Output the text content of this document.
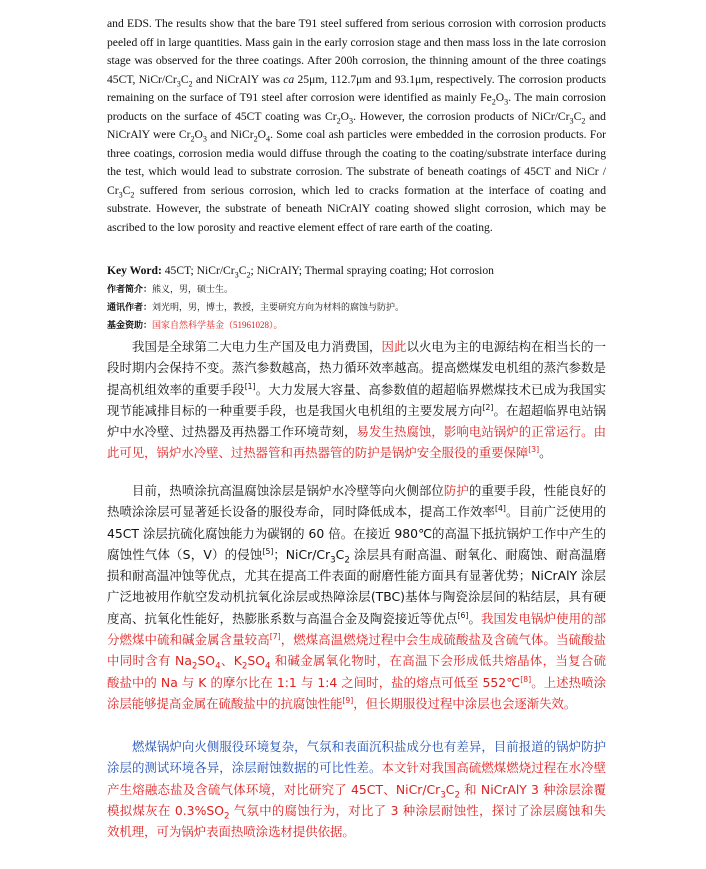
and EDS. The results show that the bare T91 steel suffered from serious corrosion with corrosion products peeled off in large quantities. Mass gain in the early corrosion stage and then mass loss in the late corrosion stage was observed for the three coatings. After 200h corrosion, the thinning amount of the three coatings 45CT, NiCr/$Cr_3C_2$ and NiCrAlY was ca 25μm, 112.7μm and 93.1μm, respectively. The corrosion products remaining on the surface of T91 steel after corrosion were identified as mainly $Fe_2O_3$. The main corrosion products on the surface of 45CT coating was $Cr_2O_3$. However, the corrosion products of NiCr/$Cr_3C_2$ and NiCrAlY were $Cr_2O_3$ and $NiCr_2O_4$. Some coal ash particles were embedded in the corrosion products. For three coatings, corrosion media would diffuse through the coating to the coating/substrate interface during the test, which would lead to substrate corrosion. The substrate of beneath coatings of 45CT and NiCr / $Cr_3C_2$ suffered from serious corrosion, which led to cracks formation at the interface of coating and substrate. However, the substrate of beneath NiCrAlY coating showed slight corrosion, which may be ascribed to the low porosity and reactive element effect of rare earth of the coating.

Key Word: 45CT; NiCr/$Cr_3C_2$; NiCrAlY; Thermal spraying coating; Hot corrosion
作者简介：熊义，男，硕士生。
通讯作者：刘光明，男，博士，教授，主要研究方向为材料的腐蚀与防护。
基金资助：国家自然科学基金（51961028）。

我国是全球第二大电力生产国及电力消费国，因此以火电为主的电源结构在相当长的一段时期内会保持不变。蒸汽参数越高，热力循环效率越高。提高燃煤发电机组的蒸汽参数是提高机组效率的重要手段[1]。大力发展大容量、高参数值的超超临界燃煤技术已成为我国实现节能减排目标的一种重要手段，也是我国火电机组的主要发展方向[2]。在超超临界电站锅炉中水冷壁、过热器及再热器工作环境苛刻，易发生热腐蚀，影响电站锅炉的正常运行。由此可见，锅炉水冷壁、过热器管和再热器管的防护是锅炉安全服役的重要保障[3]。

目前，热喷涂抗高温腐蚀涂层是锅炉水冷壁等向火侧部位防护的重要手段，性能良好的热喷涂涂层可显著延长设备的服役寿命，同时降低成本，提高工作效率[4]。目前广泛使用的 45CT 涂层抗硫化腐蚀能力为碳钢的 60 倍。在接近 980℃的高温下抵抗锅炉工作中产生的腐蚀性气体（S，V）的侵蚀[5]；NiCr/$Cr_3C_2$ 涂层具有耐高温、耐氧化、耐腐蚀、耐高温磨损和耐高温冲蚀等优点，尤其在提高工件表面的耐磨性能方面具有显著优势；NiCrAlY 涂层广泛地被用作航空发动机抗氧化涂层或热障涂层(TBC)基体与陶瓷涂层间的粘结层，具有硬度高、抗氧化性能好，热膨胀系数与高温合金及陶瓷接近等优点[6]。我国发电锅炉使用的部分燃煤中硫和碱金属含量较高[7]，燃煤高温燃烧过程中会生成硫酸盐及含硫气体。当硫酸盐中同时含有 $Na_2SO_4$、$K_2SO_4$ 和碱金属氧化物时，在高温下会形成低共熔晶体，当复合硫酸盐中的 Na 与 K 的摩尔比在 1:1 与 1:4 之间时，盐的熔点可低至 552℃[8]。上述热喷涂涂层能够提高金属在硫酸盐中的抗腐蚀性能[9]，但长期服役过程中涂层也会逐渐失效。

燃煤锅炉向火侧服役环境复杂，气氛和表面沉积盐成分也有差异，目前报道的锅炉防护涂层的测试环境各异，涂层耐蚀数据的可比性差。本文针对我国高硫燃煤燃烧过程在水冷壁产生熔融态盐及含硫气体环境，对比研究了 45CT、NiCr/$Cr_3C_2$ 和 NiCrAlY 3 种涂层涂覆模拟煤灰在 $0.3\%SO_2$ 气氛中的腐蚀行为，对比了 3 种涂层耐蚀性，探讨了涂层腐蚀和失效机理，可为锅炉表面热喷涂选材提供依据。
